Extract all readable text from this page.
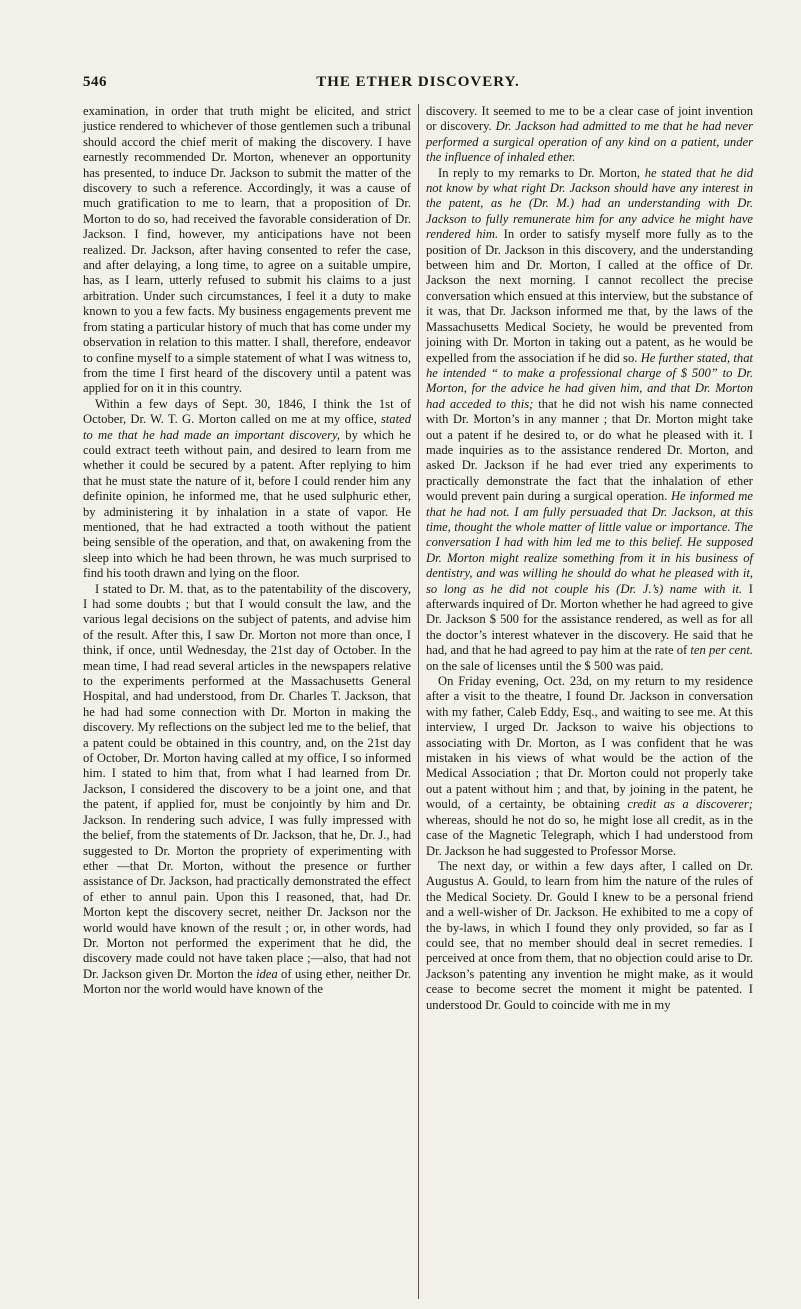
546	THE ETHER DISCOVERY.

examination, in order that truth might be elicited, and strict justice rendered to whichever of those gentlemen such a tribunal should accord the chief merit of making the discovery. I have earnestly recommended Dr. Morton, whenever an opportunity has presented, to induce Dr. Jackson to submit the matter of the discovery to such a reference. Accordingly, it was a cause of much gratification to me to learn, that a proposition of Dr. Morton to do so, had received the favorable consideration of Dr. Jackson. I find, however, my anticipations have not been realized. Dr. Jackson, after having consented to refer the case, and after delaying, a long time, to agree on a suitable umpire, has, as I learn, utterly refused to submit his claims to a just arbitration. Under such circumstances, I feel it a duty to make known to you a few facts. My business engagements prevent me from stating a particular history of much that has come under my observation in relation to this matter. I shall, therefore, endeavor to confine myself to a simple statement of what I was witness to, from the time I first heard of the discovery until a patent was applied for on it in this country.

Within a few days of Sept. 30, 1846, I think the 1st of October, Dr. W. T. G. Morton called on me at my office, stated to me that he had made an important discovery, by which he could extract teeth without pain, and desired to learn from me whether it could be secured by a patent. After replying to him that he must state the nature of it, before I could render him any definite opinion, he informed me, that he used sulphuric ether, by administering it by inhalation in a state of vapor. He mentioned, that he had extracted a tooth without the patient being sensible of the operation, and that, on awakening from the sleep into which he had been thrown, he was much surprised to find his tooth drawn and lying on the floor.

I stated to Dr. M. that, as to the patentability of the discovery, I had some doubts ; but that I would consult the law, and the various legal decisions on the subject of patents, and advise him of the result. After this, I saw Dr. Morton not more than once, I think, if once, until Wednesday, the 21st day of October. In the mean time, I had read several articles in the newspapers relative to the experiments performed at the Massachusetts General Hospital, and had understood, from Dr. Charles T. Jackson, that he had had some connection with Dr. Morton in making the discovery. My reflections on the subject led me to the belief, that a patent could be obtained in this country, and, on the 21st day of October, Dr. Morton having called at my office, I so informed him. I stated to him that, from what I had learned from Dr. Jackson, I considered the discovery to be a joint one, and that the patent, if applied for, must be conjointly by him and Dr. Jackson. In rendering such advice, I was fully impressed with the belief, from the statements of Dr. Jackson, that he, Dr. J., had suggested to Dr. Morton the propriety of experimenting with ether —that Dr. Morton, without the presence or further assistance of Dr. Jackson, had practically demonstrated the effect of ether to annul pain. Upon this I reasoned, that, had Dr. Morton kept the discovery secret, neither Dr. Jackson nor the world would have known of the result ; or, in other words, had Dr. Morton not performed the experiment that he did, the discovery made could not have taken place ;—also, that had not Dr. Jackson given Dr. Morton the idea of using ether, neither Dr. Morton nor the world would have known of the

discovery. It seemed to me to be a clear case of joint invention or discovery. Dr. Jackson had admitted to me that he had never performed a surgical operation of any kind on a patient, under the influence of inhaled ether.

In reply to my remarks to Dr. Morton, he stated that he did not know by what right Dr. Jackson should have any interest in the patent, as he (Dr. M.) had an understanding with Dr. Jackson to fully remunerate him for any advice he might have rendered him. In order to satisfy myself more fully as to the position of Dr. Jackson in this discovery, and the understanding between him and Dr. Morton, I called at the office of Dr. Jackson the next morning. I cannot recollect the precise conversation which ensued at this interview, but the substance of it was, that Dr. Jackson informed me that, by the laws of the Massachusetts Medical Society, he would be prevented from joining with Dr. Morton in taking out a patent, as he would be expelled from the association if he did so. He further stated, that he intended “ to make a professional charge of $ 500” to Dr. Morton, for the advice he had given him, and that Dr. Morton had acceded to this; that he did not wish his name connected with Dr. Morton’s in any manner ; that Dr. Morton might take out a patent if he desired to, or do what he pleased with it. I made inquiries as to the assistance rendered Dr. Morton, and asked Dr. Jackson if he had ever tried any experiments to practically demonstrate the fact that the inhalation of ether would prevent pain during a surgical operation. He informed me that he had not. I am fully persuaded that Dr. Jackson, at this time, thought the whole matter of little value or importance. The conversation I had with him led me to this belief. He supposed Dr. Morton might realize something from it in his business of dentistry, and was willing he should do what he pleased with it, so long as he did not couple his (Dr. J.’s) name with it. I afterwards inquired of Dr. Morton whether he had agreed to give Dr. Jackson $ 500 for the assistance rendered, as well as for all the doctor’s interest whatever in the discovery. He said that he had, and that he had agreed to pay him at the rate of ten per cent. on the sale of licenses until the $ 500 was paid.

On Friday evening, Oct. 23d, on my return to my residence after a visit to the theatre, I found Dr. Jackson in conversation with my father, Caleb Eddy, Esq., and waiting to see me. At this interview, I urged Dr. Jackson to waive his objections to associating with Dr. Morton, as I was confident that he was mistaken in his views of what would be the action of the Medical Association ; that Dr. Morton could not properly take out a patent without him ; and that, by joining in the patent, he would, of a certainty, be obtaining credit as a discoverer; whereas, should he not do so, he might lose all credit, as in the case of the Magnetic Telegraph, which I had understood from Dr. Jackson he had suggested to Professor Morse.

The next day, or within a few days after, I called on Dr. Augustus A. Gould, to learn from him the nature of the rules of the Medical Society. Dr. Gould I knew to be a personal friend and a well-wisher of Dr. Jackson. He exhibited to me a copy of the by-laws, in which I found they only provided, so far as I could see, that no member should deal in secret remedies. I perceived at once from them, that no objection could arise to Dr. Jackson’s patenting any invention he might make, as it would cease to become secret the moment it might be patented. I understood Dr. Gould to coincide with me in my
